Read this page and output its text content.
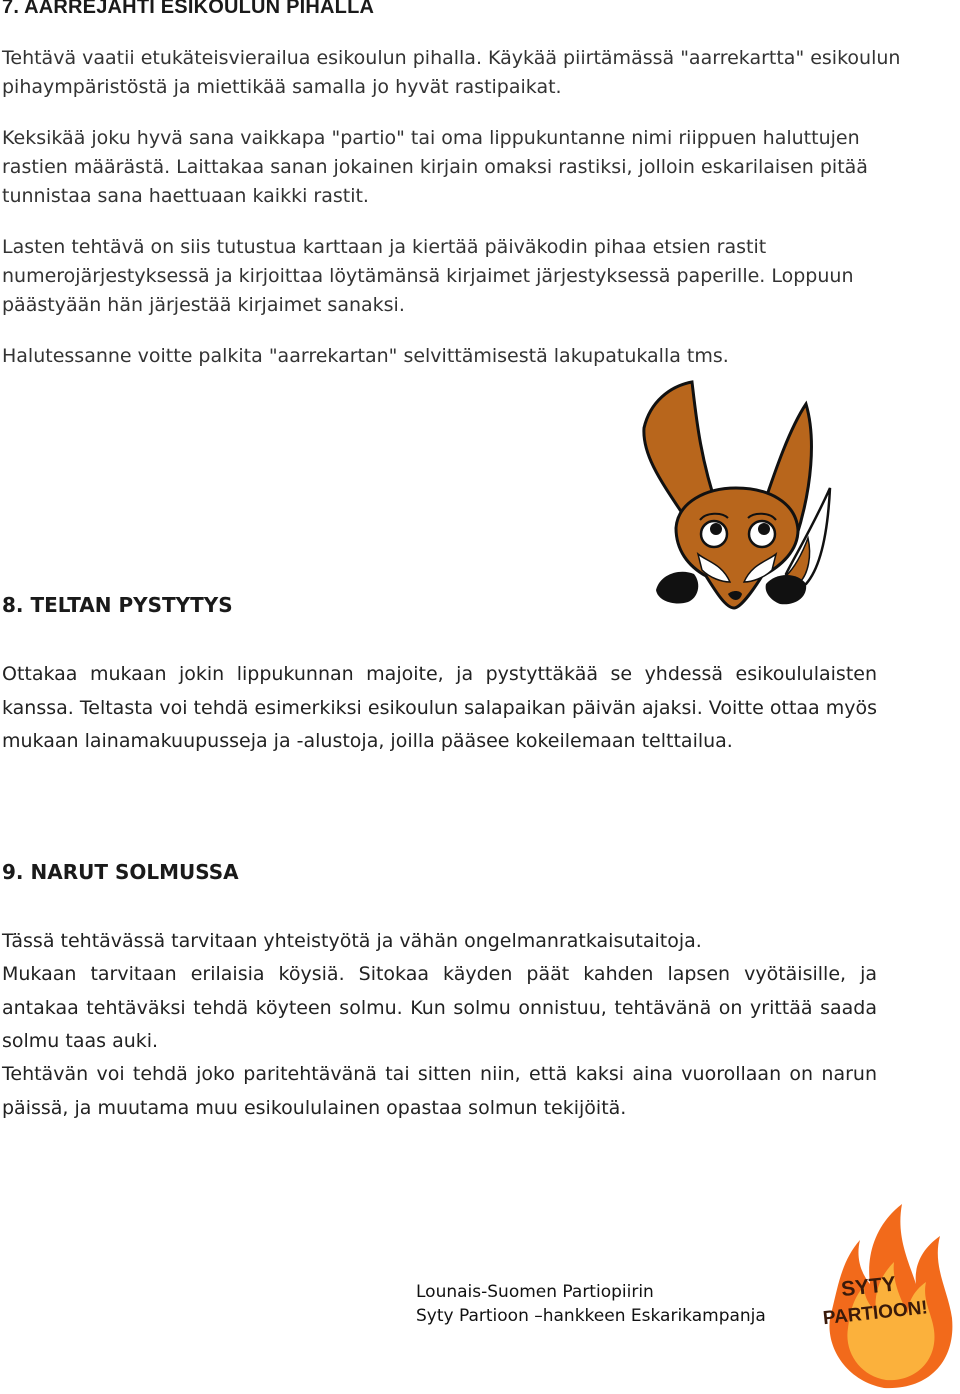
7. AARREJAHTI ESIKOULUN PIHALLA

Tehtävä vaatii etukäteisvierailua esikoulun pihalla. Käykää piirtämässä "aarrekartta" esikoulun pihaympäristöstä ja miettikää samalla jo hyvät rastipaikat.

Keksikää joku hyvä sana vaikkapa "partio" tai oma lippukuntanne nimi riippuen haluttujen rastien määrästä. Laittakaa sanan jokainen kirjain omaksi rastiksi, jolloin eskarilaisen pitää tunnistaa sana haettuaan kaikki rastit.

Lasten tehtävä on siis tutustua karttaan ja kiertää päiväkodin pihaa etsien rastit numerojärjestyksessä ja kirjoittaa löytämänsä kirjaimet järjestyksessä paperille. Loppuun päästyään hän järjestää kirjaimet sanaksi.

Halutessanne voitte palkita "aarrekartan" selvittämisestä lakupatukalla tms.

8. TELTAN PYSTYTYS

Ottakaa mukaan jokin lippukunnan majoite, ja pystyttäkää se yhdessä esikoululaisten kanssa. Teltasta voi tehdä esimerkiksi esikoulun salapaikan päivän ajaksi. Voitte ottaa myös mukaan lainamakuupusseja ja -alustoja, joilla pääsee kokeilemaan telttailua.

9. NARUT SOLMUSSA

Tässä tehtävässä tarvitaan yhteistyötä ja vähän ongelmanratkaisutaitoja.

Mukaan tarvitaan erilaisia köysiä. Sitokaa käyden päät kahden lapsen vyötäisille, ja antakaa tehtäväksi tehdä köyteen solmu. Kun solmu onnistuu, tehtävänä on yrittää saada solmu taas auki.

Tehtävän voi tehdä joko paritehtävänä tai sitten niin, että kaksi aina vuorollaan on narun päissä, ja muutama muu esikoululainen opastaa solmun tekijöitä.

Lounais-Suomen Partiopiirin
Syty Partioon –hankkeen Eskarikampanja
SYTY
PARTIOON!
